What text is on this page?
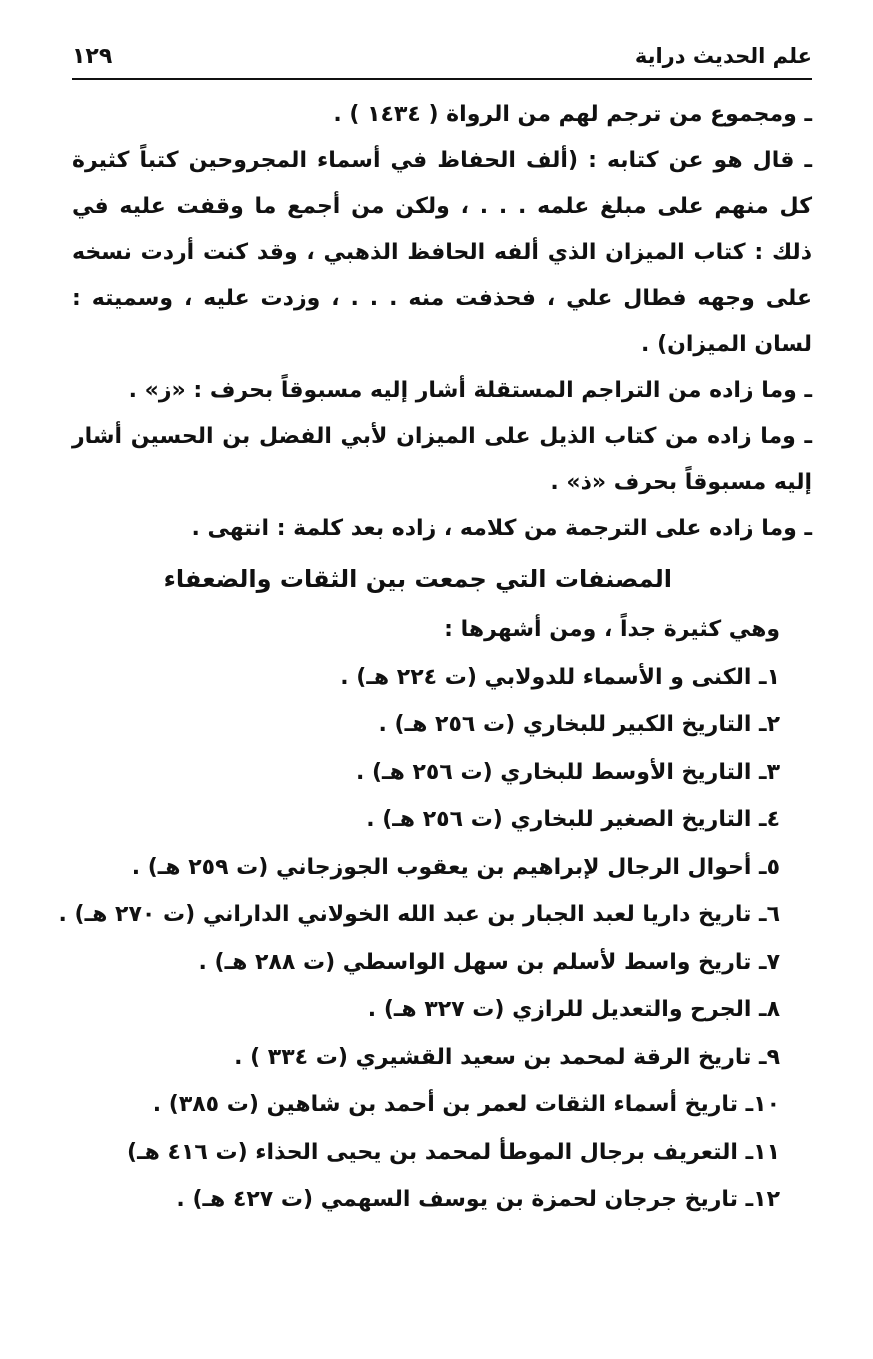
علم الحديث دراية
١٢٩

ـ ومجموع من ترجم لهم من الرواة ( ١٤٣٤ ) .

ـ قال هو عن كتابه : (ألف الحفاظ في أسماء المجروحين كتباً كثيرة كل منهم على مبلغ علمه . . . ، ولكن من أجمع ما وقفت عليه في ذلك : كتاب الميزان الذي ألفه الحافظ الذهبي ، وقد كنت أردت نسخه على وجهه فطال علي ، فحذفت منه . . . ، وزدت عليه ، وسميته : لسان الميزان) .

ـ وما زاده من التراجم المستقلة أشار إليه مسبوقاً بحرف : «ز» .

ـ وما زاده من كتاب الذيل على الميزان لأبي الفضل بن الحسين أشار إليه مسبوقاً بحرف «ذ» .

ـ وما زاده على الترجمة من كلامه ، زاده بعد كلمة : انتهى .

المصنفات التي جمعت بين الثقات والضعفاء

وهي كثيرة جداً ، ومن أشهرها :

١ـ الكنى و الأسماء للدولابي (ت ٢٢٤ هـ) .
٢ـ التاريخ الكبير للبخاري (ت ٢٥٦ هـ) .
٣ـ التاريخ الأوسط للبخاري (ت ٢٥٦ هـ) .
٤ـ التاريخ الصغير للبخاري (ت ٢٥٦ هـ) .
٥ـ أحوال الرجال لإبراهيم بن يعقوب الجوزجاني (ت ٢٥٩ هـ) .
٦ـ تاريخ داريا لعبد الجبار بن عبد الله الخولاني الداراني (ت ٢٧٠ هـ) .
٧ـ تاريخ واسط لأسلم بن سهل الواسطي (ت ٢٨٨ هـ) .
٨ـ الجرح والتعديل للرازي (ت ٣٢٧ هـ) .
٩ـ تاريخ الرقة لمحمد بن سعيد القشيري (ت ٣٣٤ ) .
١٠ـ تاريخ أسماء الثقات لعمر بن أحمد بن شاهين (ت ٣٨٥) .
١١ـ التعريف برجال الموطأ لمحمد بن يحيى الحذاء (ت ٤١٦ هـ)
١٢ـ تاريخ جرجان لحمزة بن يوسف السهمي (ت ٤٢٧ هـ) .
